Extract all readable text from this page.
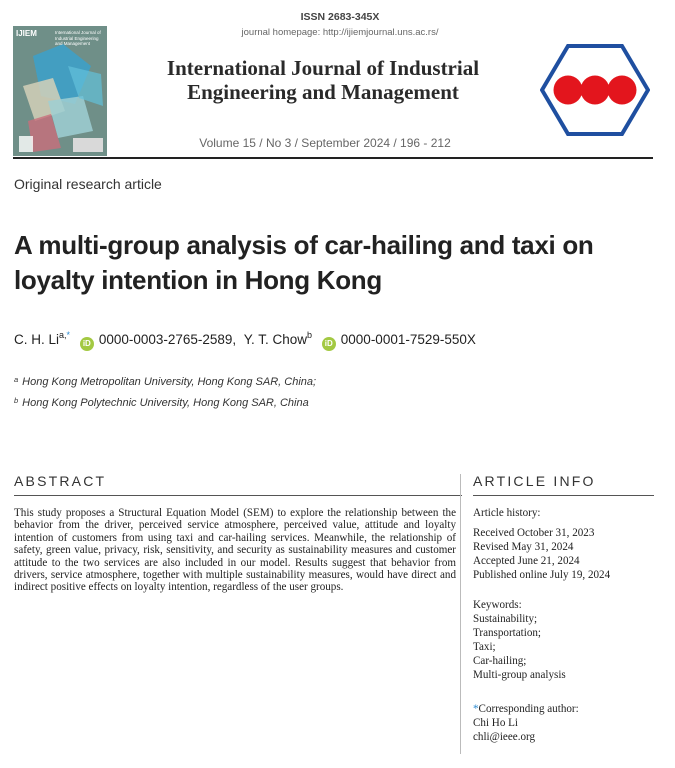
ISSN 2683-345X
journal homepage: http://ijiemjournal.uns.ac.rs/
IJIEM	International Journal of Industrial Engineering and Management
International Journal of Industrial
Engineering and Management
Volume 15 / No 3 / September 2024 / 196 - 212
Original research article
A multi-group analysis of car-hailing and taxi on
loyalty intention in Hong Kong
C. H. $Li^{a,*}$ iD 0000-0003-2765-2589, Y. T. Chow$^b$ iD 0000-0001-7529-550X
$^a$ Hong Kong Metropolitan University, Hong Kong SAR, China;
$^b$ Hong Kong Polytechnic University, Hong Kong SAR, China
ABSTRACT
This study proposes a Structural Equation Model (SEM) to explore the relationship between the behavior from the driver, perceived service atmosphere, perceived value, attitude and loyalty intention of customers from using taxi and car-hailing services. Meanwhile, the relationship of safety, green value, privacy, risk, sensitivity, and security as sustainability measures and customer attitude to the two services are also included in our model. Results suggest that behavior from drivers, service atmosphere, together with multiple sustainability measures, would have direct and indirect positive effects on loyalty intention, regardless of the user groups.
ARTICLE INFO
Article history:
Received October 31, 2023
Revised May 31, 2024
Accepted June 21, 2024
Published online July 19, 2024
Keywords:
Sustainability;
Transportation;
Taxi;
Car-hailing;
Multi-group analysis
*Corresponding author:
Chi Ho Li
chli@ieee.org
